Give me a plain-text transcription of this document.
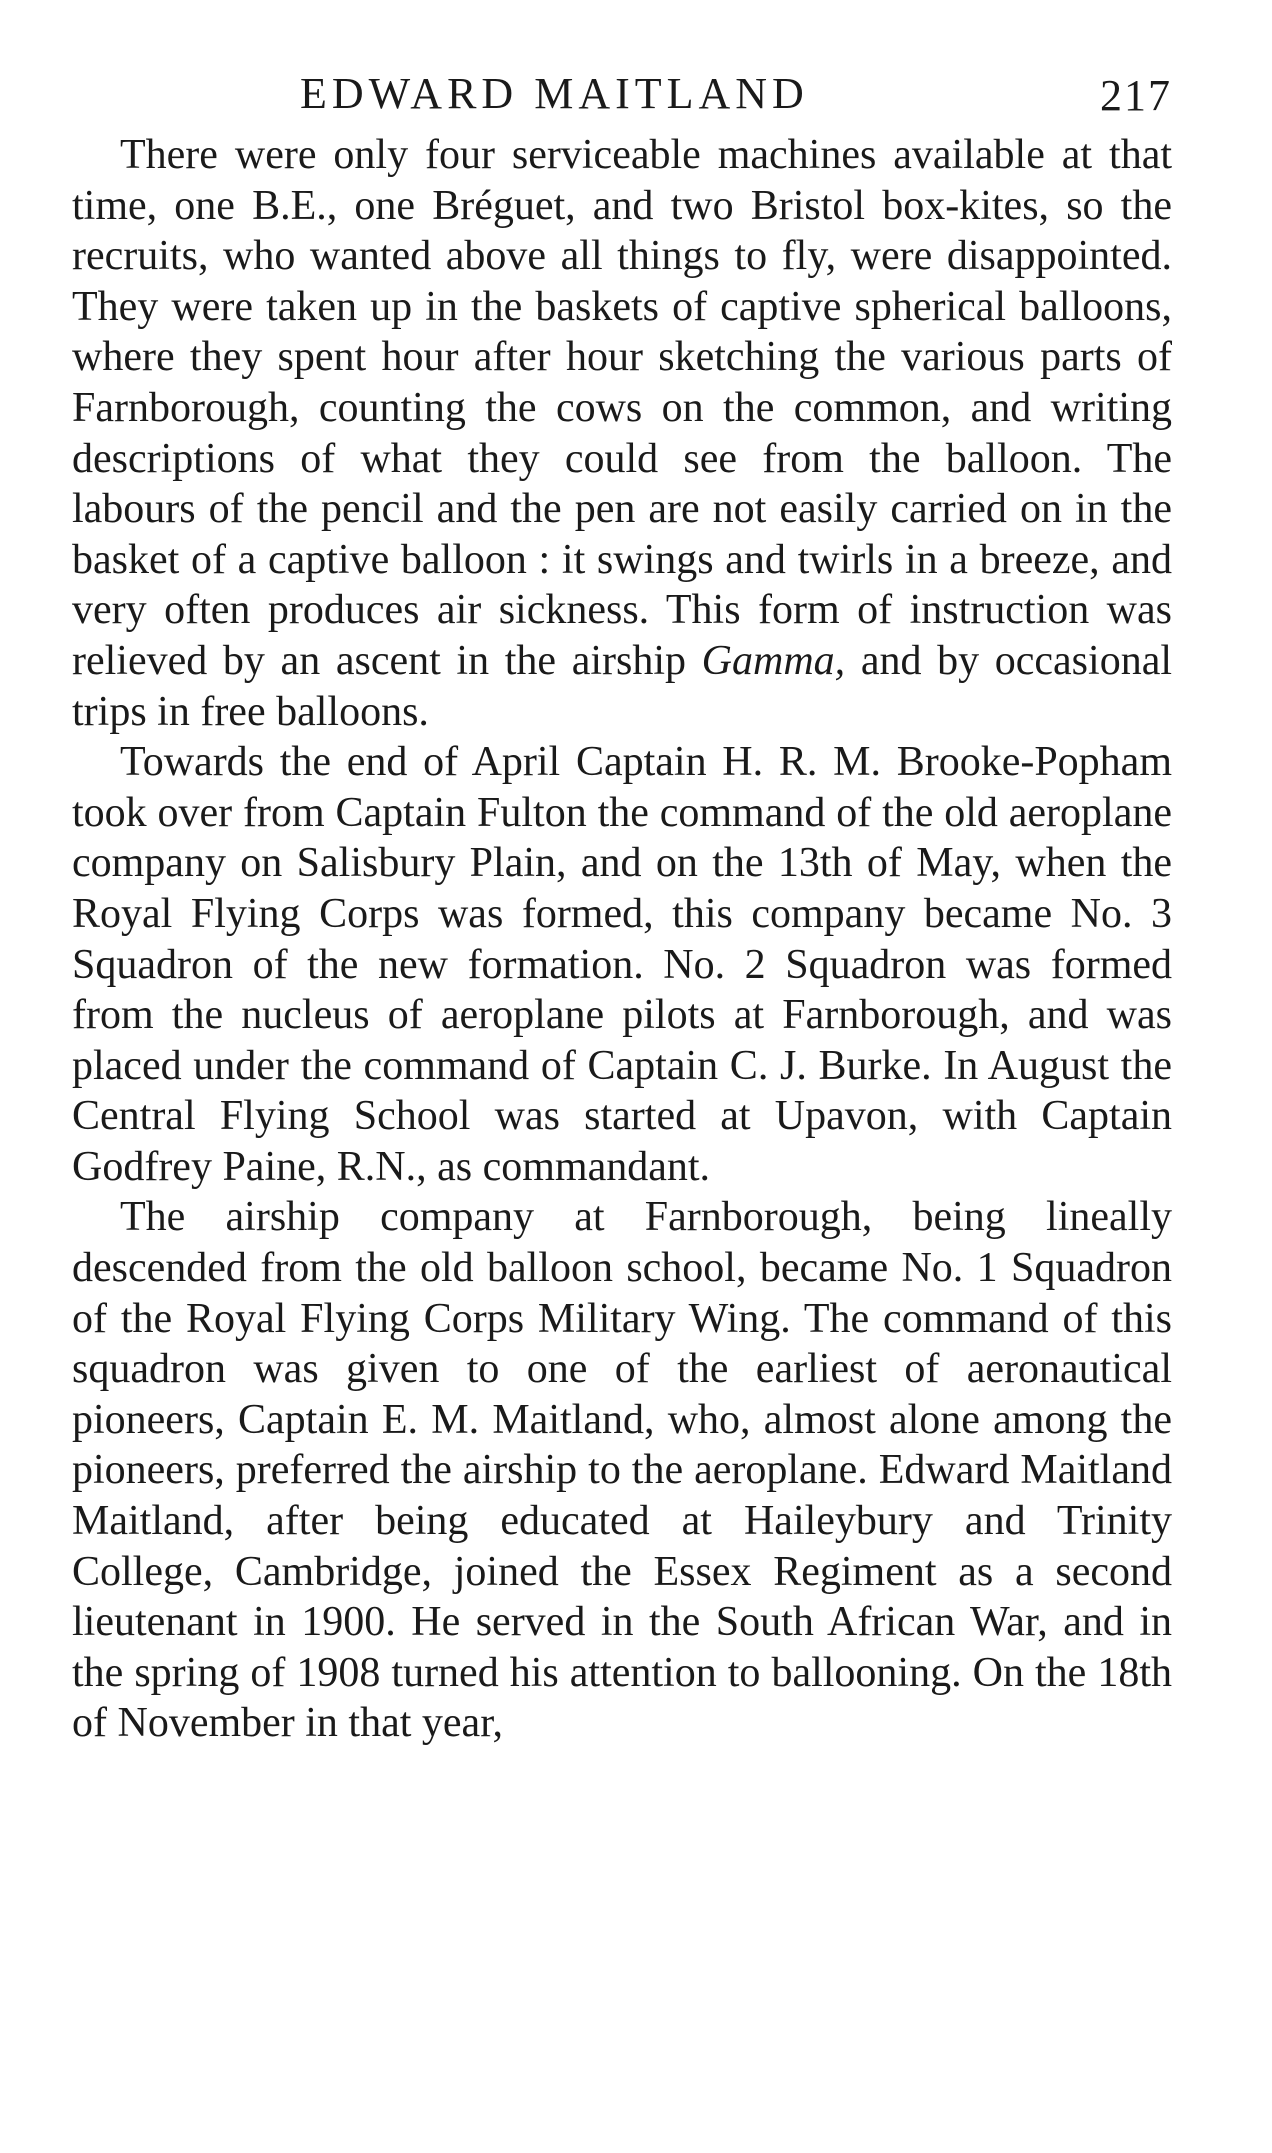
EDWARD MAITLAND	217

There were only four serviceable machines available at that time, one B.E., one Bréguet, and two Bristol box-kites, so the recruits, who wanted above all things to fly, were disappointed. They were taken up in the baskets of captive spherical balloons, where they spent hour after hour sketching the various parts of Farnborough, counting the cows on the common, and writing descriptions of what they could see from the balloon. The labours of the pencil and the pen are not easily carried on in the basket of a captive balloon : it swings and twirls in a breeze, and very often produces air sickness. This form of instruction was relieved by an ascent in the airship Gamma, and by occasional trips in free balloons.

Towards the end of April Captain H. R. M. Brooke-Popham took over from Captain Fulton the command of the old aeroplane company on Salisbury Plain, and on the 13th of May, when the Royal Flying Corps was formed, this company became No. 3 Squadron of the new formation. No. 2 Squadron was formed from the nucleus of aeroplane pilots at Farnborough, and was placed under the command of Captain C. J. Burke. In August the Central Flying School was started at Upavon, with Captain Godfrey Paine, R.N., as commandant.

The airship company at Farnborough, being lineally descended from the old balloon school, became No. 1 Squadron of the Royal Flying Corps Military Wing. The command of this squadron was given to one of the earliest of aeronautical pioneers, Captain E. M. Maitland, who, almost alone among the pioneers, preferred the airship to the aeroplane. Edward Maitland Maitland, after being educated at Haileybury and Trinity College, Cambridge, joined the Essex Regiment as a second lieutenant in 1900. He served in the South African War, and in the spring of 1908 turned his attention to ballooning. On the 18th of November in that year,
